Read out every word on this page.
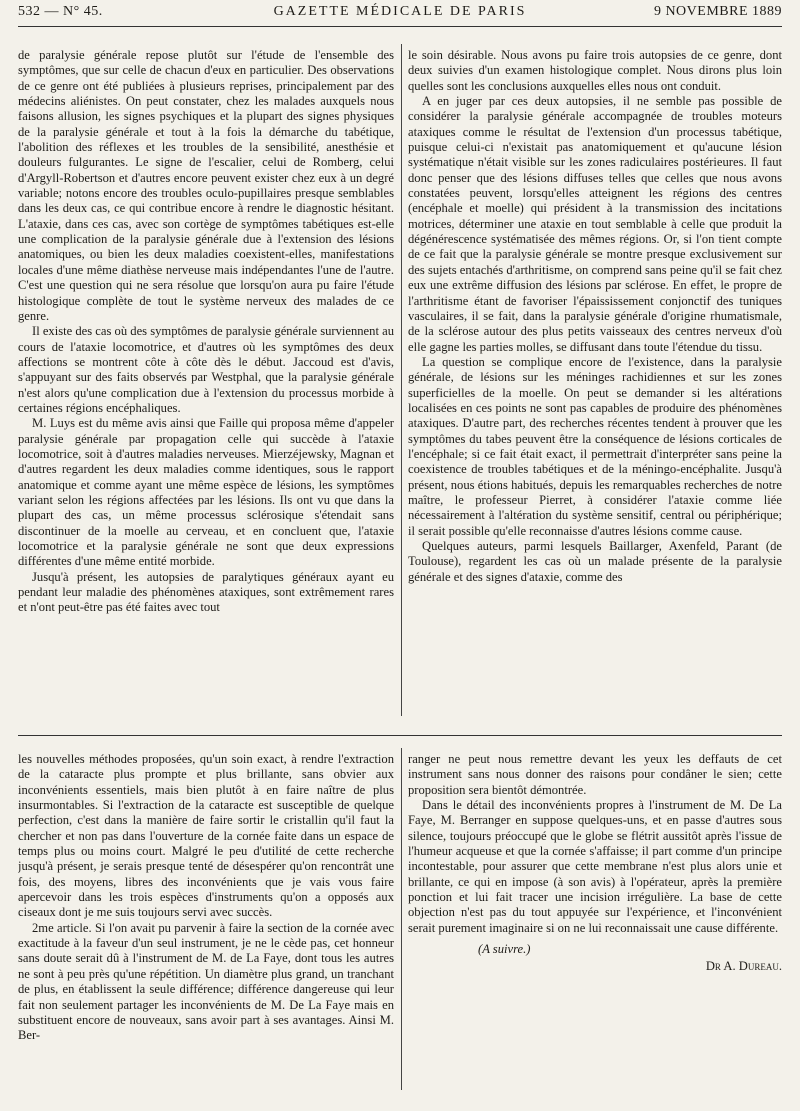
532 — N° 45.	GAZETTE MÉDICALE DE PARIS	9 NOVEMBRE 1889

de paralysie générale repose plutôt sur l'étude de l'ensemble des symptômes, que sur celle de chacun d'eux en particulier. Des observations de ce genre ont été publiées à plusieurs reprises, principalement par des médecins aliénistes. On peut constater, chez les malades auxquels nous faisons allusion, les signes psychiques et la plupart des signes physiques de la paralysie générale et tout à la fois la démarche du tabétique, l'abolition des réflexes et les troubles de la sensibilité, anesthésie et douleurs fulgurantes. Le signe de l'escalier, celui de Romberg, celui d'Argyll-Robertson et d'autres encore peuvent exister chez eux à un degré variable; notons encore des troubles oculo-pupillaires presque semblables dans les deux cas, ce qui contribue encore à rendre le diagnostic hésitant. L'ataxie, dans ces cas, avec son cortège de symptômes tabétiques est-elle une complication de la paralysie générale due à l'extension des lésions anatomiques, ou bien les deux maladies coexistent-elles, manifestations locales d'une même diathèse nerveuse mais indépendantes l'une de l'autre. C'est une question qui ne sera résolue que lorsqu'on aura pu faire l'étude histologique complète de tout le système nerveux des malades de ce genre.

Il existe des cas où des symptômes de paralysie générale surviennent au cours de l'ataxie locomotrice, et d'autres où les symptômes des deux affections se montrent côte à côte dès le début. Jaccoud est d'avis, s'appuyant sur des faits observés par Westphal, que la paralysie générale n'est alors qu'une complication due à l'extension du processus morbide à certaines régions encéphaliques.

M. Luys est du même avis ainsi que Faille qui proposa même d'appeler paralysie générale par propagation celle qui succède à l'ataxie locomotrice, soit à d'autres maladies nerveuses. Mierzéjewsky, Magnan et d'autres regardent les deux maladies comme identiques, sous le rapport anatomique et comme ayant une même espèce de lésions, les symptômes variant selon les régions affectées par les lésions. Ils ont vu que dans la plupart des cas, un même processus sclérosique s'étendait sans discontinuer de la moelle au cerveau, et en concluent que, l'ataxie locomotrice et la paralysie générale ne sont que deux expressions différentes d'une même entité morbide.

Jusqu'à présent, les autopsies de paralytiques généraux ayant eu pendant leur maladie des phénomènes ataxiques, sont extrêmement rares et n'ont peut-être pas été faites avec tout

le soin désirable. Nous avons pu faire trois autopsies de ce genre, dont deux suivies d'un examen histologique complet. Nous dirons plus loin quelles sont les conclusions auxquelles elles nous ont conduit.

A en juger par ces deux autopsies, il ne semble pas possible de considérer la paralysie générale accompagnée de troubles moteurs ataxiques comme le résultat de l'extension d'un processus tabétique, puisque celui-ci n'existait pas anatomiquement et qu'aucune lésion systématique n'était visible sur les zones radiculaires postérieures. Il faut donc penser que des lésions diffuses telles que celles que nous avons constatées peuvent, lorsqu'elles atteignent les régions des centres (encéphale et moelle) qui président à la transmission des incitations motrices, déterminer une ataxie en tout semblable à celle que produit la dégénérescence systématisée des mêmes régions. Or, si l'on tient compte de ce fait que la paralysie générale se montre presque exclusivement sur des sujets entachés d'arthritisme, on comprend sans peine qu'il se fait chez eux une extrême diffusion des lésions par sclérose. En effet, le propre de l'arthritisme étant de favoriser l'épaississement conjonctif des tuniques vasculaires, il se fait, dans la paralysie générale d'origine rhumatismale, de la sclérose autour des plus petits vaisseaux des centres nerveux d'où elle gagne les parties molles, se diffusant dans toute l'étendue du tissu.

La question se complique encore de l'existence, dans la paralysie générale, de lésions sur les méninges rachidiennes et sur les zones superficielles de la moelle. On peut se demander si les altérations localisées en ces points ne sont pas capables de produire des phénomènes ataxiques. D'autre part, des recherches récentes tendent à prouver que les symptômes du tabes peuvent être la conséquence de lésions corticales de l'encéphale; si ce fait était exact, il permettrait d'interpréter sans peine la coexistence de troubles tabétiques et de la méningo-encéphalite. Jusqu'à présent, nous étions habitués, depuis les remarquables recherches de notre maître, le professeur Pierret, à considérer l'ataxie comme liée nécessairement à l'altération du système sensitif, central ou périphérique; il serait possible qu'elle reconnaisse d'autres lésions comme cause.

Quelques auteurs, parmi lesquels Baillarger, Axenfeld, Parant (de Toulouse), regardent les cas où un malade présente de la paralysie générale et des signes d'ataxie, comme des

les nouvelles méthodes proposées, qu'un soin exact, à rendre l'extraction de la cataracte plus prompte et plus brillante, sans obvier aux inconvénients essentiels, mais bien plutôt à en faire naître de plus insurmontables. Si l'extraction de la cataracte est susceptible de quelque perfection, c'est dans la manière de faire sortir le cristallin qu'il faut la chercher et non pas dans l'ouverture de la cornée faite dans un espace de temps plus ou moins court. Malgré le peu d'utilité de cette recherche jusqu'à présent, je serais presque tenté de désespérer qu'on rencontrât une fois, des moyens, libres des inconvénients que je vais vous faire apercevoir dans les trois espèces d'instruments qu'on a opposés aux ciseaux dont je me suis toujours servi avec succès.

2me article. Si l'on avait pu parvenir à faire la section de la cornée avec exactitude à la faveur d'un seul instrument, je ne le cède pas, cet honneur sans doute serait dû à l'instrument de M. de La Faye, dont tous les autres ne sont à peu près qu'une répétition. Un diamètre plus grand, un tranchant de plus, en établissent la seule différence; différence dangereuse qui leur fait non seulement partager les inconvénients de M. De La Faye mais en substituent encore de nouveaux, sans avoir part à ses avantages. Ainsi M. Ber-

ranger ne peut nous remettre devant les yeux les deffauts de cet instrument sans nous donner des raisons pour condâner le sien; cette proposition sera bientôt démontrée.

Dans le détail des inconvénients propres à l'instrument de M. De La Faye, M. Berranger en suppose quelques-uns, et en passe d'autres sous silence, toujours préoccupé que le globe se flétrit aussitôt après l'issue de l'humeur acqueuse et que la cornée s'affaisse; il part comme d'un principe incontestable, pour assurer que cette membrane n'est plus alors unie et brillante, ce qui en impose (à son avis) à l'opérateur, après la première ponction et lui fait tracer une incision irrégulière. La base de cette objection n'est pas du tout appuyée sur l'expérience, et l'inconvénient serait purement imaginaire si on ne lui reconnaissait une cause différente.

(A suivre.)

Dr A. Dureau.
